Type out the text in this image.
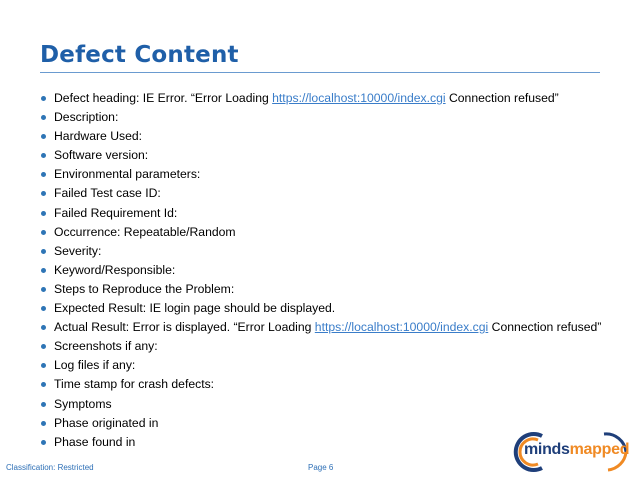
Defect Content
Defect heading: IE Error. “Error Loading https://localhost:10000/index.cgi Connection refused”
Description:
Hardware Used:
Software version:
Environmental parameters:
Failed Test case ID:
Failed Requirement Id:
Occurrence: Repeatable/Random
Severity:
Keyword/Responsible:
Steps to Reproduce the Problem:
Expected Result: IE login page should be displayed.
Actual Result: Error is displayed. “Error Loading https://localhost:10000/index.cgi Connection refused”
Screenshots if any:
Log files if any:
Time stamp for crash defects:
Symptoms
Phase originated in
Phase found in
Classification: Restricted	Page 6
mindsmapped
